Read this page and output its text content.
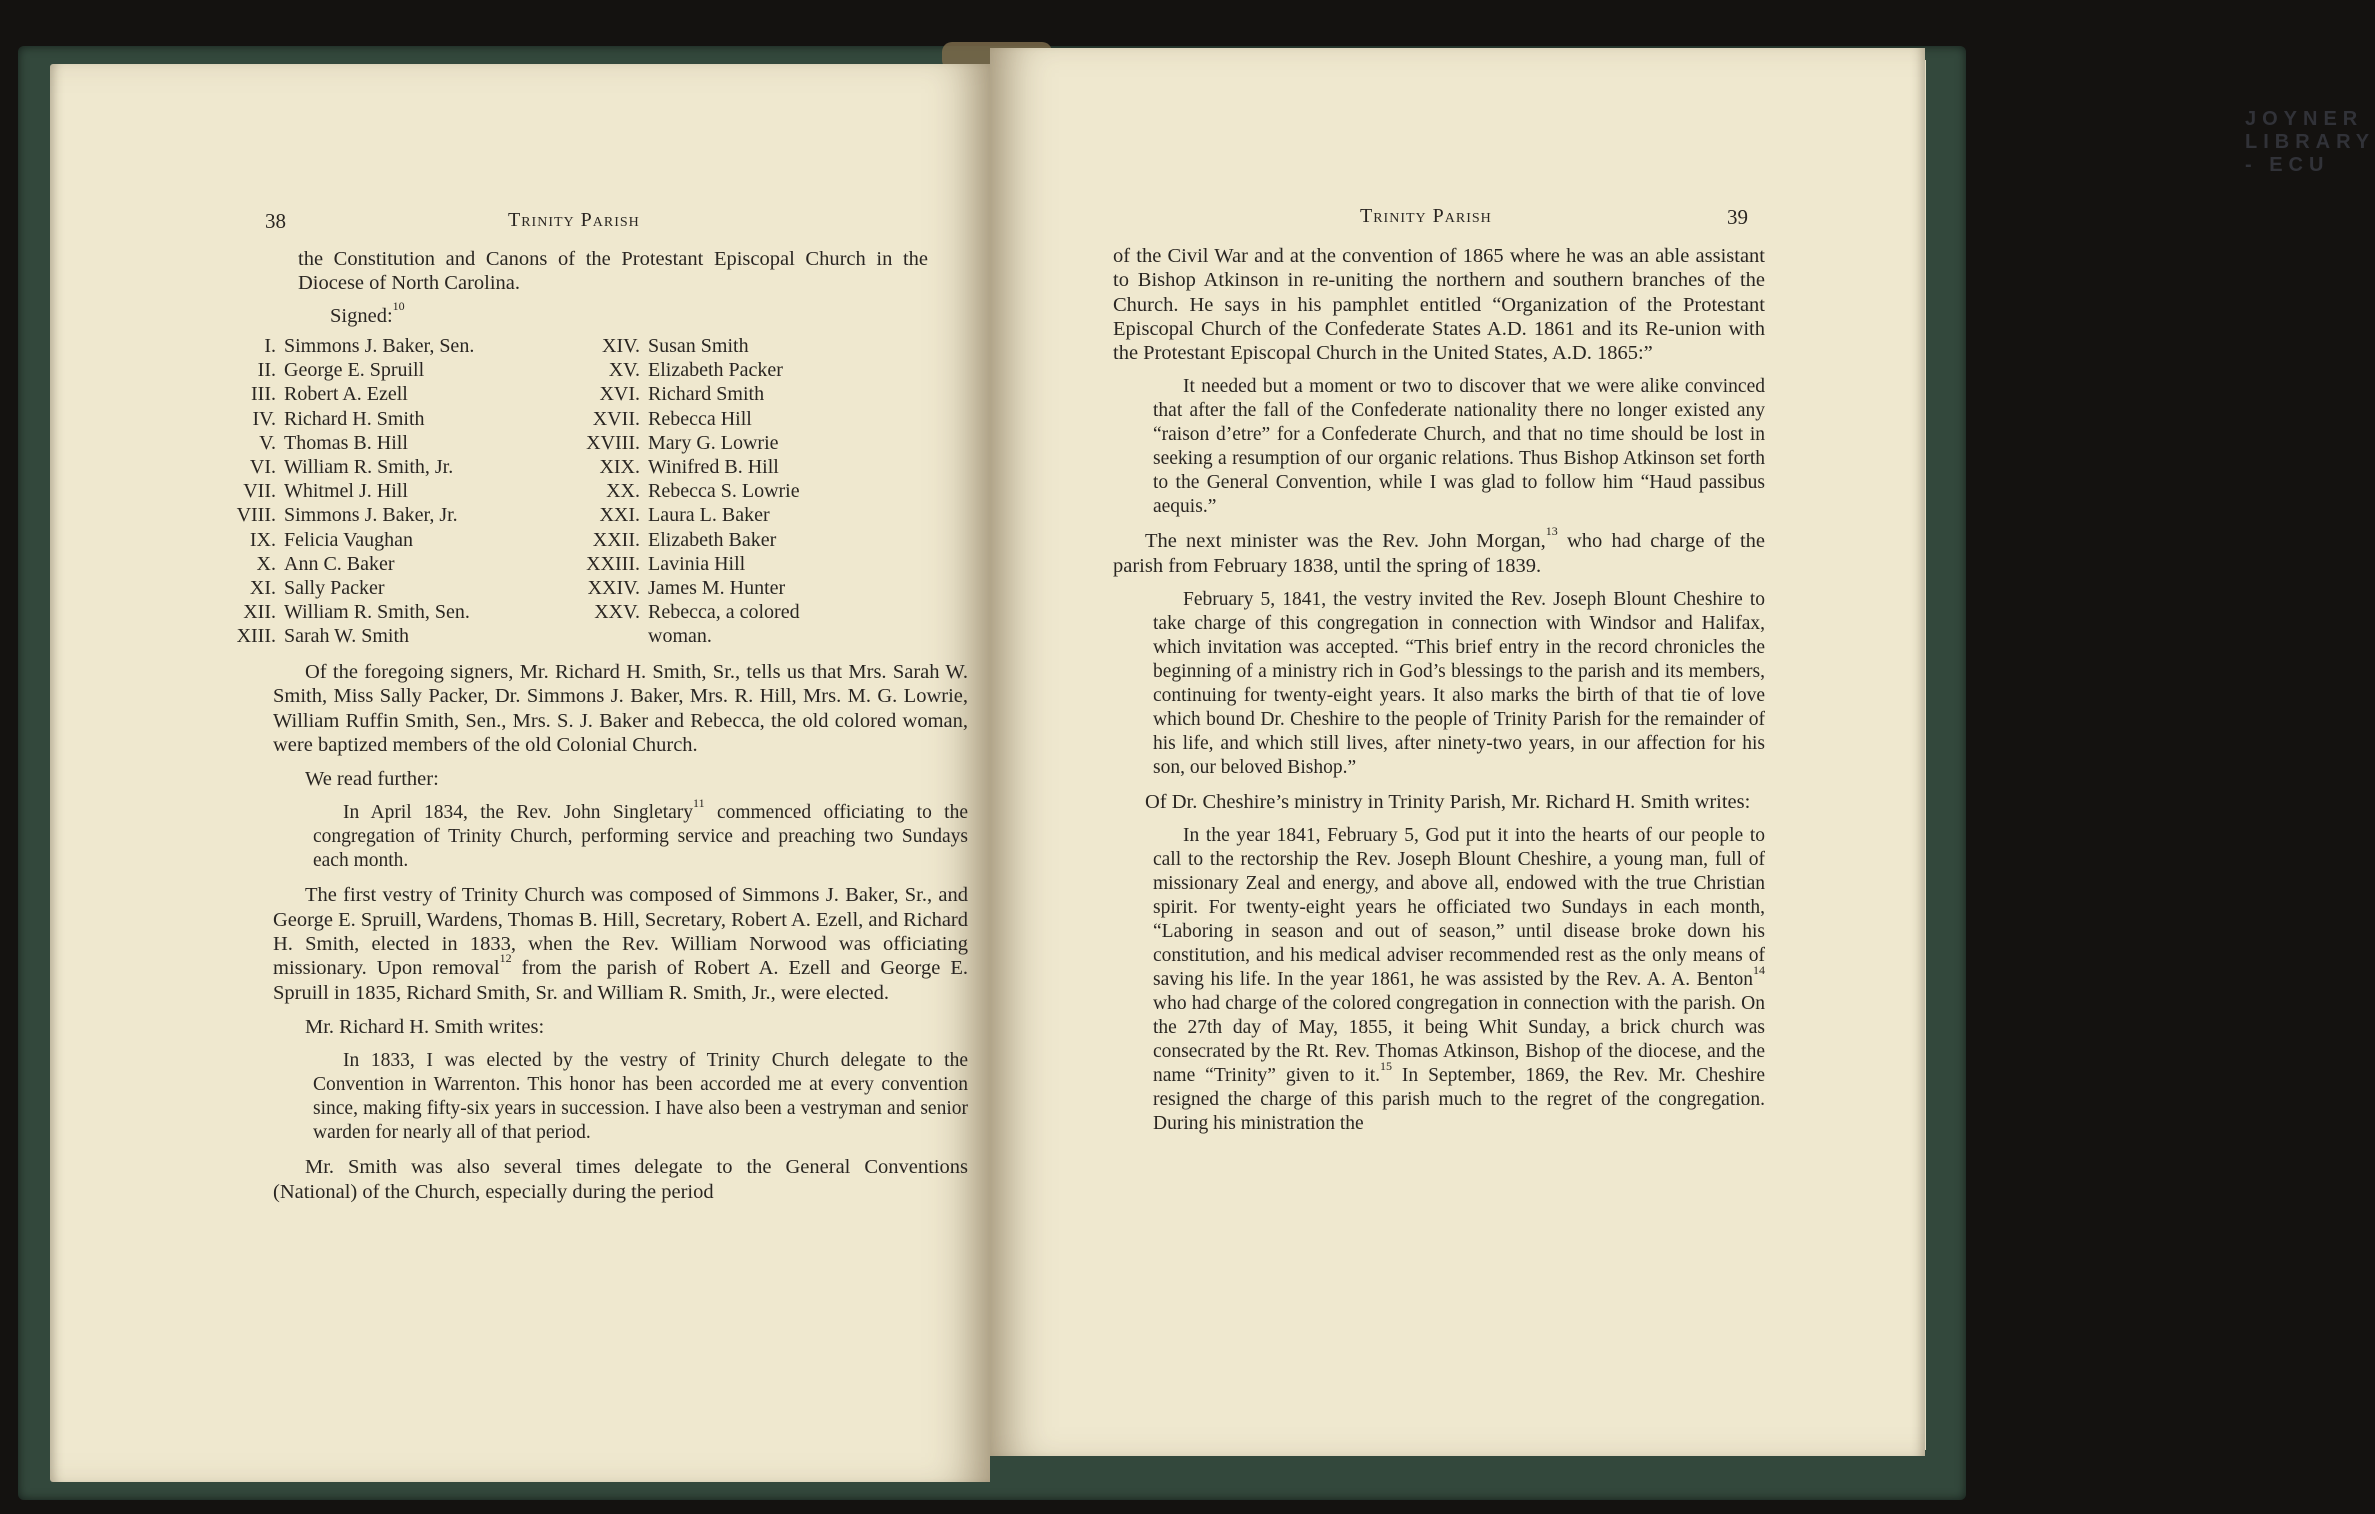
38	Trinity Parish

the Constitution and Canons of the Protestant Episcopal Church in the Diocese of North Carolina.

Signed:$^{10}$

I. Simmons J. Baker, Sen.
II. George E. Spruill
III. Robert A. Ezell
IV. Richard H. Smith
V. Thomas B. Hill
VI. William R. Smith, Jr.
VII. Whitmel J. Hill
VIII. Simmons J. Baker, Jr.
IX. Felicia Vaughan
X. Ann C. Baker
XI. Sally Packer
XII. William R. Smith, Sen.
XIII. Sarah W. Smith
XIV. Susan Smith
XV. Elizabeth Packer
XVI. Richard Smith
XVII. Rebecca Hill
XVIII. Mary G. Lowrie
XIX. Winifred B. Hill
XX. Rebecca S. Lowrie
XXI. Laura L. Baker
XXII. Elizabeth Baker
XXIII. Lavinia Hill
XXIV. James M. Hunter
XXV. Rebecca, a colored
woman.

Of the foregoing signers, Mr. Richard H. Smith, Sr., tells us that Mrs. Sarah W. Smith, Miss Sally Packer, Dr. Simmons J. Baker, Mrs. R. Hill, Mrs. M. G. Lowrie, William Ruffin Smith, Sen., Mrs. S. J. Baker and Rebecca, the old colored woman, were baptized members of the old Colonial Church.

We read further:

In April 1834, the Rev. John Singletary$^{11}$ commenced officiating to the congregation of Trinity Church, performing service and preaching two Sundays each month.

The first vestry of Trinity Church was composed of Simmons J. Baker, Sr., and George E. Spruill, Wardens, Thomas B. Hill, Secretary, Robert A. Ezell, and Richard H. Smith, elected in 1833, when the Rev. William Norwood was officiating missionary. Upon removal$^{12}$ from the parish of Robert A. Ezell and George E. Spruill in 1835, Richard Smith, Sr. and William R. Smith, Jr., were elected.

Mr. Richard H. Smith writes:

In 1833, I was elected by the vestry of Trinity Church delegate to the Convention in Warrenton. This honor has been accorded me at every convention since, making fifty-six years in succession. I have also been a vestryman and senior warden for nearly all of that period.

Mr. Smith was also several times delegate to the General Conventions (National) of the Church, especially during the period

JOYNER LIBRARY - ECU
Trinity Parish	39

of the Civil War and at the convention of 1865 where he was an able assistant to Bishop Atkinson in re-uniting the northern and southern branches of the Church. He says in his pamphlet entitled “Organization of the Protestant Episcopal Church of the Confederate States A.D. 1861 and its Re-union with the Protestant Episcopal Church in the United States, A.D. 1865:”

It needed but a moment or two to discover that we were alike convinced that after the fall of the Confederate nationality there no longer existed any “raison d’etre” for a Confederate Church, and that no time should be lost in seeking a resumption of our organic relations. Thus Bishop Atkinson set forth to the General Convention, while I was glad to follow him “Haud passibus aequis.”

The next minister was the Rev. John Morgan,$^{13}$ who had charge of the parish from February 1838, until the spring of 1839.

February 5, 1841, the vestry invited the Rev. Joseph Blount Cheshire to take charge of this congregation in connection with Windsor and Halifax, which invitation was accepted. “This brief entry in the record chronicles the beginning of a ministry rich in God’s blessings to the parish and its members, continuing for twenty-eight years. It also marks the birth of that tie of love which bound Dr. Cheshire to the people of Trinity Parish for the remainder of his life, and which still lives, after ninety-two years, in our affection for his son, our beloved Bishop.”

Of Dr. Cheshire’s ministry in Trinity Parish, Mr. Richard H. Smith writes:

In the year 1841, February 5, God put it into the hearts of our people to call to the rectorship the Rev. Joseph Blount Cheshire, a young man, full of missionary Zeal and energy, and above all, endowed with the true Christian spirit. For twenty-eight years he officiated two Sundays in each month, “Laboring in season and out of season,” until disease broke down his constitution, and his medical adviser recommended rest as the only means of saving his life. In the year 1861, he was assisted by the Rev. A. A. Benton$^{14}$ who had charge of the colored congregation in connection with the parish. On the 27th day of May, 1855, it being Whit Sunday, a brick church was consecrated by the Rt. Rev. Thomas Atkinson, Bishop of the diocese, and the name “Trinity” given to it.$^{15}$ In September, 1869, the Rev. Mr. Cheshire resigned the charge of this parish much to the regret of the congregation. During his ministration the
